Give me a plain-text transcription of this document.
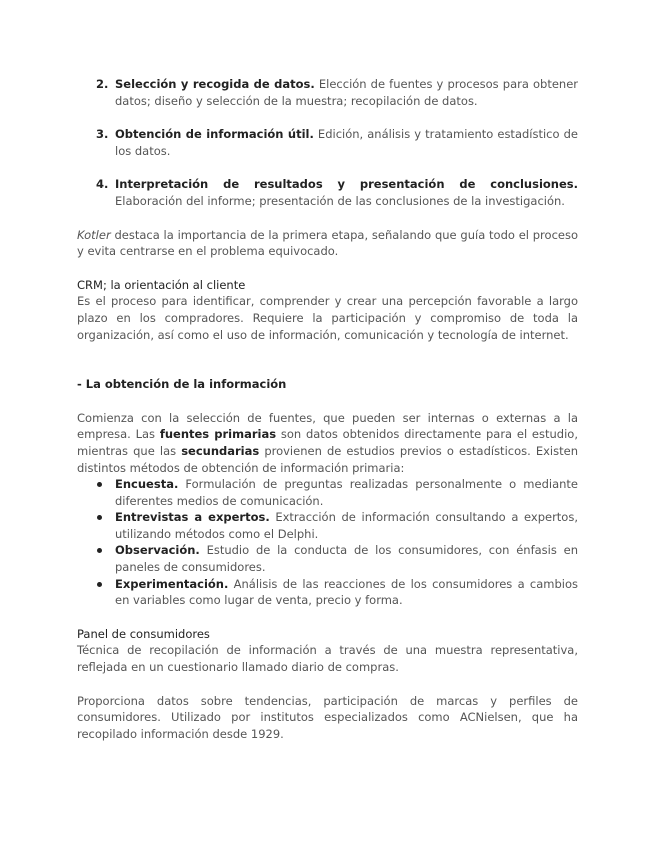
2. Selección y recogida de datos. Elección de fuentes y procesos para obtener datos; diseño y selección de la muestra; recopilación de datos.
3. Obtención de información útil. Edición, análisis y tratamiento estadístico de los datos.
4. Interpretación de resultados y presentación de conclusiones. Elaboración del informe; presentación de las conclusiones de la investigación.

Kotler destaca la importancia de la primera etapa, señalando que guía todo el proceso y evita centrarse en el problema equivocado.

CRM; la orientación al cliente

Es el proceso para identificar, comprender y crear una percepción favorable a largo plazo en los compradores. Requiere la participación y compromiso de toda la organización, así como el uso de información, comunicación y tecnología de internet.

- La obtención de la información

Comienza con la selección de fuentes, que pueden ser internas o externas a la empresa. Las fuentes primarias son datos obtenidos directamente para el estudio, mientras que las secundarias provienen de estudios previos o estadísticos. Existen distintos métodos de obtención de información primaria:

Encuesta. Formulación de preguntas realizadas personalmente o mediante diferentes medios de comunicación.
Entrevistas a expertos. Extracción de información consultando a expertos, utilizando métodos como el Delphi.
Observación. Estudio de la conducta de los consumidores, con énfasis en paneles de consumidores.
Experimentación. Análisis de las reacciones de los consumidores a cambios en variables como lugar de venta, precio y forma.

Panel de consumidores

Técnica de recopilación de información a través de una muestra representativa, reflejada en un cuestionario llamado diario de compras.

Proporciona datos sobre tendencias, participación de marcas y perfiles de consumidores. Utilizado por institutos especializados como ACNielsen, que ha recopilado información desde 1929.
